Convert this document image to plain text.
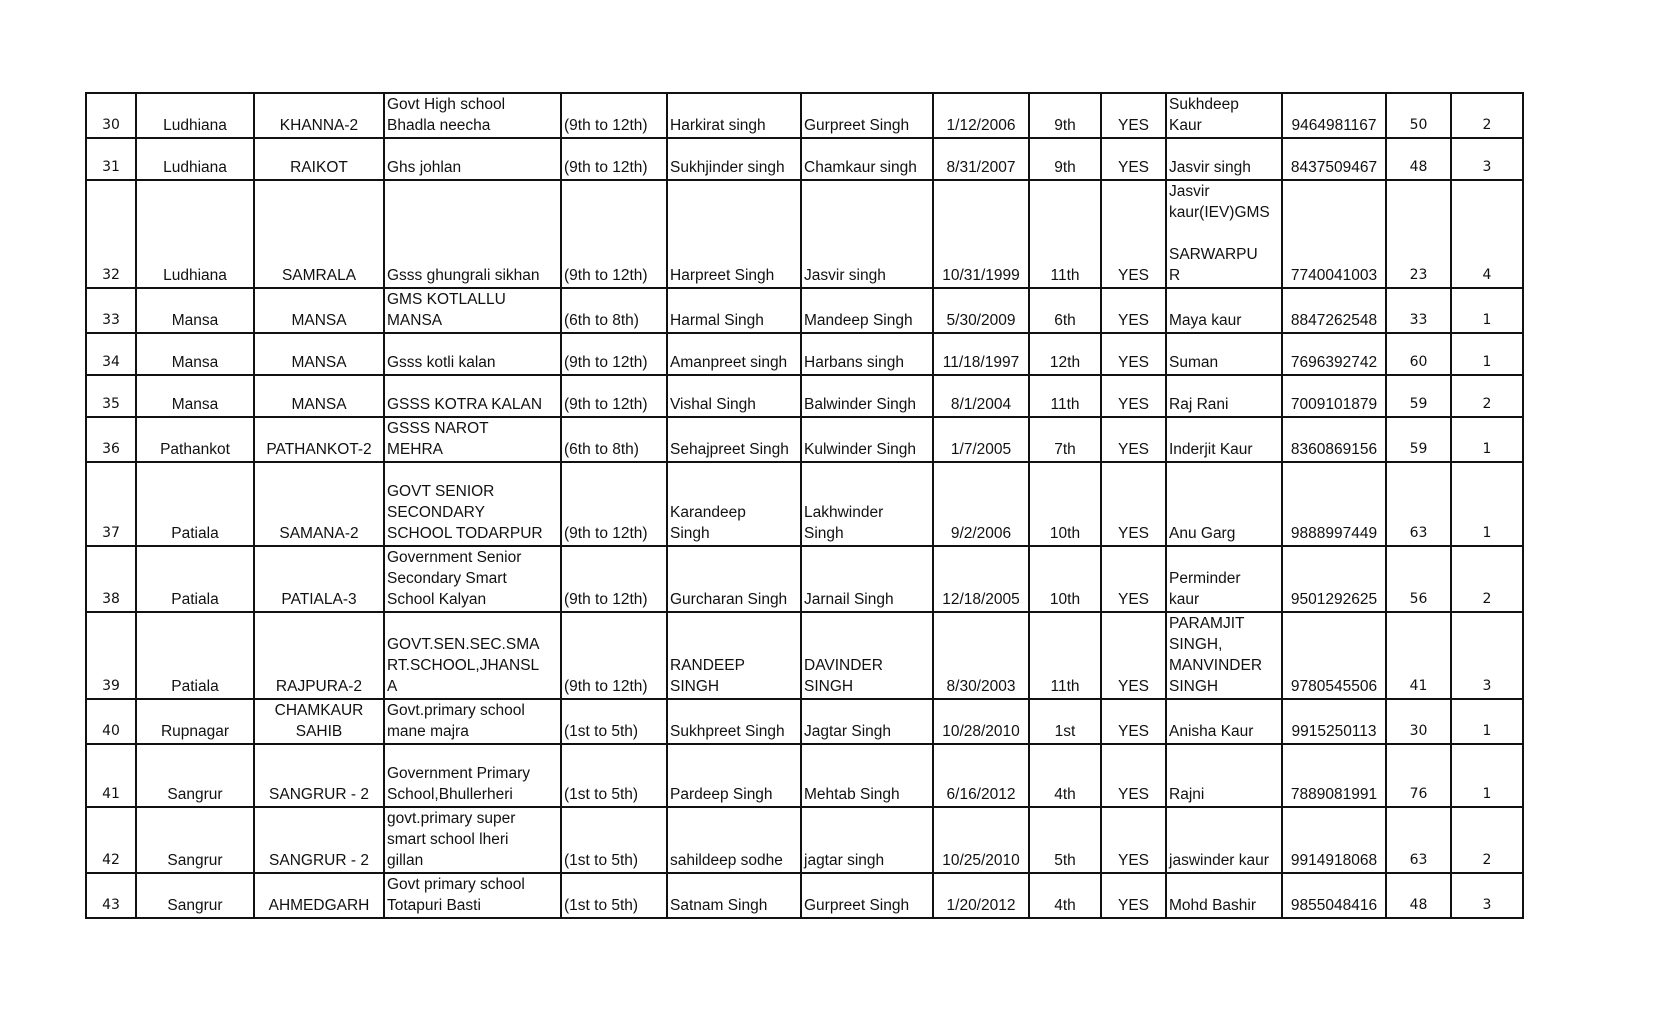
30	Ludhiana	KHANNA-2	Govt High school
Bhadla neecha	(9th to 12th)	Harkirat singh	Gurpreet Singh	1/12/2006	9th	YES	Sukhdeep
Kaur	9464981167	50	2
31	Ludhiana	RAIKOT	Ghs johlan	(9th to 12th)	Sukhjinder singh	Chamkaur singh	8/31/2007	9th	YES	Jasvir singh	8437509467	48	3
32	Ludhiana	SAMRALA	Gsss ghungrali sikhan	(9th to 12th)	Harpreet Singh	Jasvir singh	10/31/1999	11th	YES	Jasvir
kaur(IEV)GMS

SARWARPU
R	7740041003	23	4
33	Mansa	MANSA	GMS KOTLALLU
MANSA	(6th to 8th)	Harmal Singh	Mandeep Singh	5/30/2009	6th	YES	Maya kaur	8847262548	33	1
34	Mansa	MANSA	Gsss kotli kalan	(9th to 12th)	Amanpreet singh	Harbans singh	11/18/1997	12th	YES	Suman	7696392742	60	1
35	Mansa	MANSA	GSSS KOTRA KALAN	(9th to 12th)	Vishal Singh	Balwinder Singh	8/1/2004	11th	YES	Raj Rani	7009101879	59	2
36	Pathankot	PATHANKOT-2	GSSS NAROT
MEHRA	(6th to 8th)	Sehajpreet Singh	Kulwinder Singh	1/7/2005	7th	YES	Inderjit Kaur	8360869156	59	1
37	Patiala	SAMANA-2	GOVT SENIOR
SECONDARY
SCHOOL TODARPUR	(9th to 12th)	Karandeep
Singh	Lakhwinder
Singh	9/2/2006	10th	YES	Anu Garg	9888997449	63	1
38	Patiala	PATIALA-3	Government Senior
Secondary Smart
School Kalyan	(9th to 12th)	Gurcharan Singh	Jarnail Singh	12/18/2005	10th	YES	Perminder
kaur	9501292625	56	2
39	Patiala	RAJPURA-2	GOVT.SEN.SEC.SMA
RT.SCHOOL,JHANSL
A	(9th to 12th)	RANDEEP
SINGH	DAVINDER
SINGH	8/30/2003	11th	YES	PARAMJIT
SINGH,
MANVINDER
SINGH	9780545506	41	3
40	Rupnagar	CHAMKAUR
SAHIB	Govt.primary school
mane majra	(1st to 5th)	Sukhpreet Singh	Jagtar Singh	10/28/2010	1st	YES	Anisha Kaur	9915250113	30	1
41	Sangrur	SANGRUR - 2	Government Primary
School,Bhullerheri	(1st to 5th)	Pardeep Singh	Mehtab Singh	6/16/2012	4th	YES	Rajni	7889081991	76	1
42	Sangrur	SANGRUR - 2	govt.primary super
smart school lheri
gillan	(1st to 5th)	sahildeep sodhe	jagtar singh	10/25/2010	5th	YES	jaswinder kaur	9914918068	63	2
43	Sangrur	AHMEDGARH	Govt primary school
Totapuri Basti	(1st to 5th)	Satnam Singh	Gurpreet Singh	1/20/2012	4th	YES	Mohd Bashir	9855048416	48	3
